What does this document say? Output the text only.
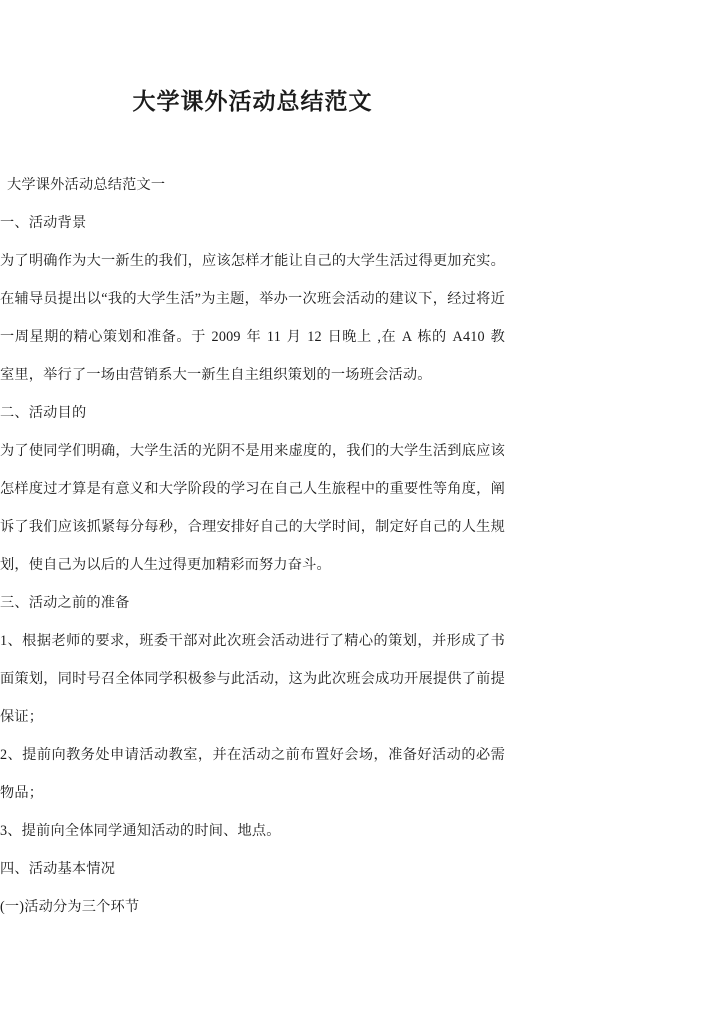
大学课外活动总结范文

大学课外活动总结范文一

一、活动背景

为了明确作为大一新生的我们，应该怎样才能让自己的大学生活过得更加充实。在辅导员提出以“我的大学生活”为主题，举办一次班会活动的建议下，经过将近一周星期的精心策划和准备。于 2009 年 11 月 12 日晚上 ,在 A 栋的 A410 教室里，举行了一场由营销系大一新生自主组织策划的一场班会活动。

二、活动目的

为了使同学们明确，大学生活的光阴不是用来虚度的，我们的大学生活到底应该怎样度过才算是有意义和大学阶段的学习在自己人生旅程中的重要性等角度，阐诉了我们应该抓紧每分每秒，合理安排好自己的大学时间，制定好自己的人生规划，使自己为以后的人生过得更加精彩而努力奋斗。

三、活动之前的准备

1、根据老师的要求，班委干部对此次班会活动进行了精心的策划，并形成了书面策划，同时号召全体同学积极参与此活动，这为此次班会成功开展提供了前提保证；

2、提前向教务处申请活动教室，并在活动之前布置好会场，准备好活动的必需物品；

3、提前向全体同学通知活动的时间、地点。

四、活动基本情况

(一)活动分为三个环节
